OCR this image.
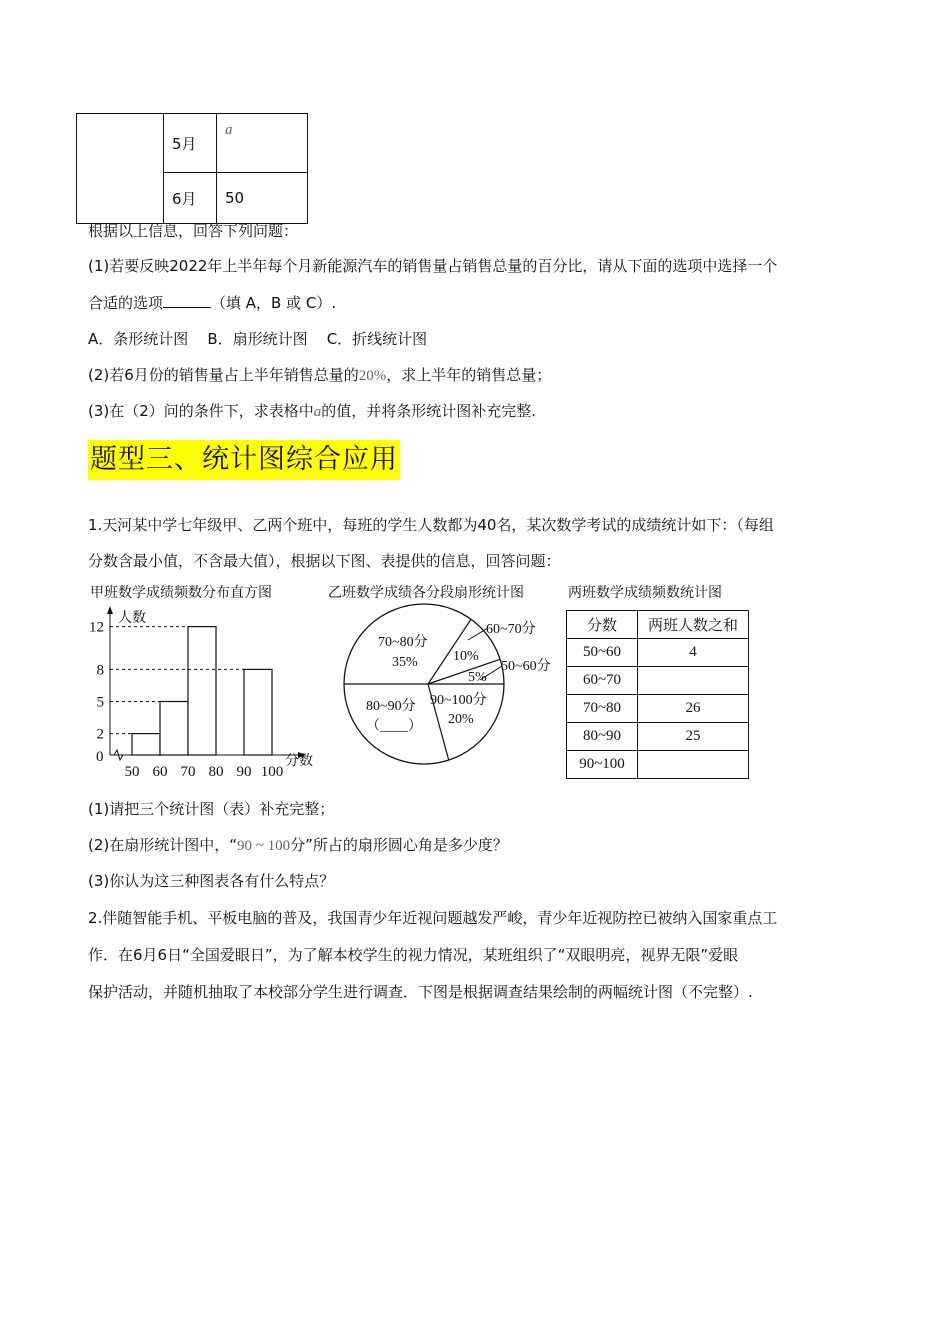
	5月	a
	6月	50
根据以上信息，回答下列问题：
(1)若要反映2022年上半年每个月新能源汽车的销售量占销售总量的百分比，请从下面的选项中选择一个
合适的选项	（填 A，B 或 C）.
A．条形统计图    B．扇形统计图    C．折线统计图
(2)若6月份的销售量占上半年销售总量的20%，求上半年的销售总量；
(3)在（2）问的条件下，求表格中a的值，并将条形统计图补充完整.
题型三、统计图综合应用
1.天河某中学七年级甲、乙两个班中，每班的学生人数都为40名，某次数学考试的成绩统计如下：（每组
分数含最小值，不含最大值），根据以下图、表提供的信息，回答问题：
甲班数学成绩频数分布直方图	乙班数学成绩各分段扇形统计图	两班数学成绩频数统计图
人数
分数
0
2
5
8
12
50 60 70 80 90 100
70~80分
35%
60~70分
10%
50~60分
5%
90~100分
20%
80~90分
（____）
分数	两班人数之和
50~60	4
60~70	
70~80	26
80~90	25
90~100	
(1)请把三个统计图（表）补充完整；
(2)在扇形统计图中，“90 ~ 100分”所占的扇形圆心角是多少度？
(3)你认为这三种图表各有什么特点？
2.伴随智能手机、平板电脑的普及，我国青少年近视问题越发严峻，青少年近视防控已被纳入国家重点工
作．在6月6日“全国爱眼日”，为了解本校学生的视力情况，某班组织了“双眼明亮，视界无限”爱眼
保护活动，并随机抽取了本校部分学生进行调查．下图是根据调查结果绘制的两幅统计图（不完整）.
